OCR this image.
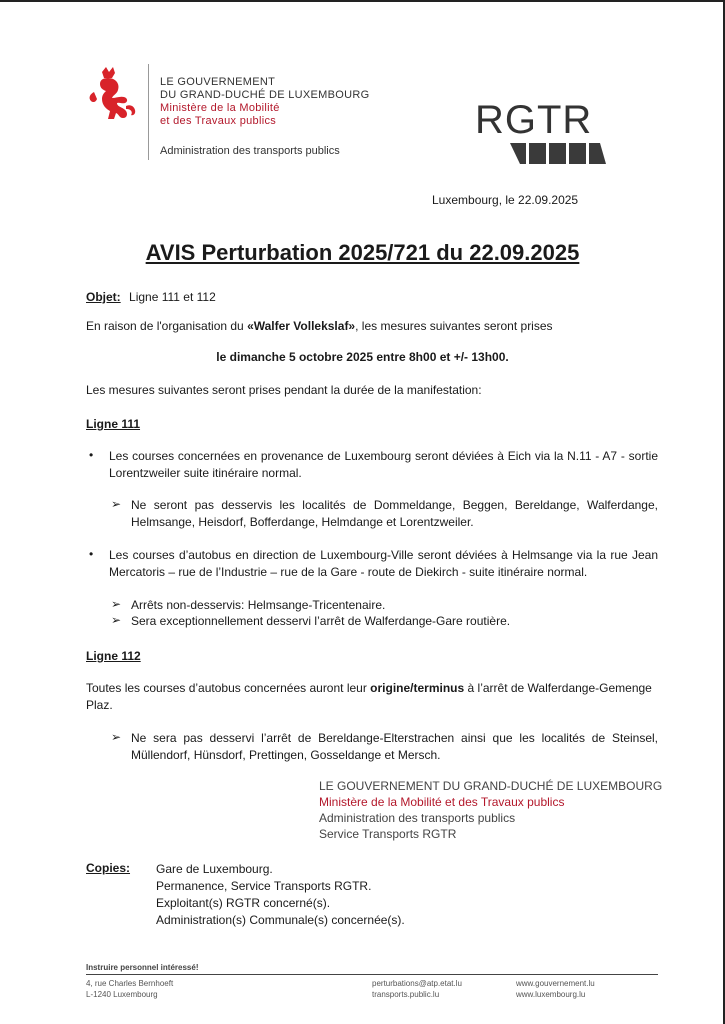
LE GOUVERNEMENT
DU GRAND-DUCHÉ DE LUXEMBOURG
Ministère de la Mobilité
et des Travaux publics
Administration des transports publics
RGTR
Luxembourg, le 22.09.2025
AVIS Perturbation 2025/721 du 22.09.2025
Objet: Ligne 111 et 112
En raison de l'organisation du «Walfer Vollekslaf», les mesures suivantes seront prises
le dimanche 5 octobre 2025 entre 8h00 et +/- 13h00.
Les mesures suivantes seront prises pendant la durée de la manifestation:
Ligne 111
• Les courses concernées en provenance de Luxembourg seront déviées à Eich via la N.11 - A7 - sortie Lorentzweiler suite itinéraire normal.
➢ Ne seront pas desservis les localités de Dommeldange, Beggen, Bereldange, Walferdange, Helmsange, Heisdorf, Bofferdange, Helmdange et Lorentzweiler.
• Les courses d’autobus en direction de Luxembourg-Ville seront déviées à Helmsange via la rue Jean Mercatoris – rue de l’Industrie – rue de la Gare - route de Diekirch - suite itinéraire normal.
➢ Arrêts non-desservis: Helmsange-Tricentenaire.
➢ Sera exceptionnellement desservi l’arrêt de Walferdange-Gare routière.
Ligne 112
Toutes les courses d’autobus concernées auront leur origine/terminus à l’arrêt de Walferdange-Gemenge Plaz.
➢ Ne sera pas desservi l’arrêt de Bereldange-Elterstrachen ainsi que les localités de Steinsel, Müllendorf, Hünsdorf, Prettingen, Gosseldange et Mersch.
LE GOUVERNEMENT DU GRAND-DUCHÉ DE LUXEMBOURG
Ministère de la Mobilité et des Travaux publics
Administration des transports publics
Service Transports RGTR
Copies: Gare de Luxembourg.
Permanence, Service Transports RGTR.
Exploitant(s) RGTR concerné(s).
Administration(s) Communale(s) concernée(s).
Instruire personnel intéressé!
4, rue Charles Bernhoeft
L-1240 Luxembourg
perturbations@atp.etat.lu
transports.public.lu
www.gouvernement.lu
www.luxembourg.lu
